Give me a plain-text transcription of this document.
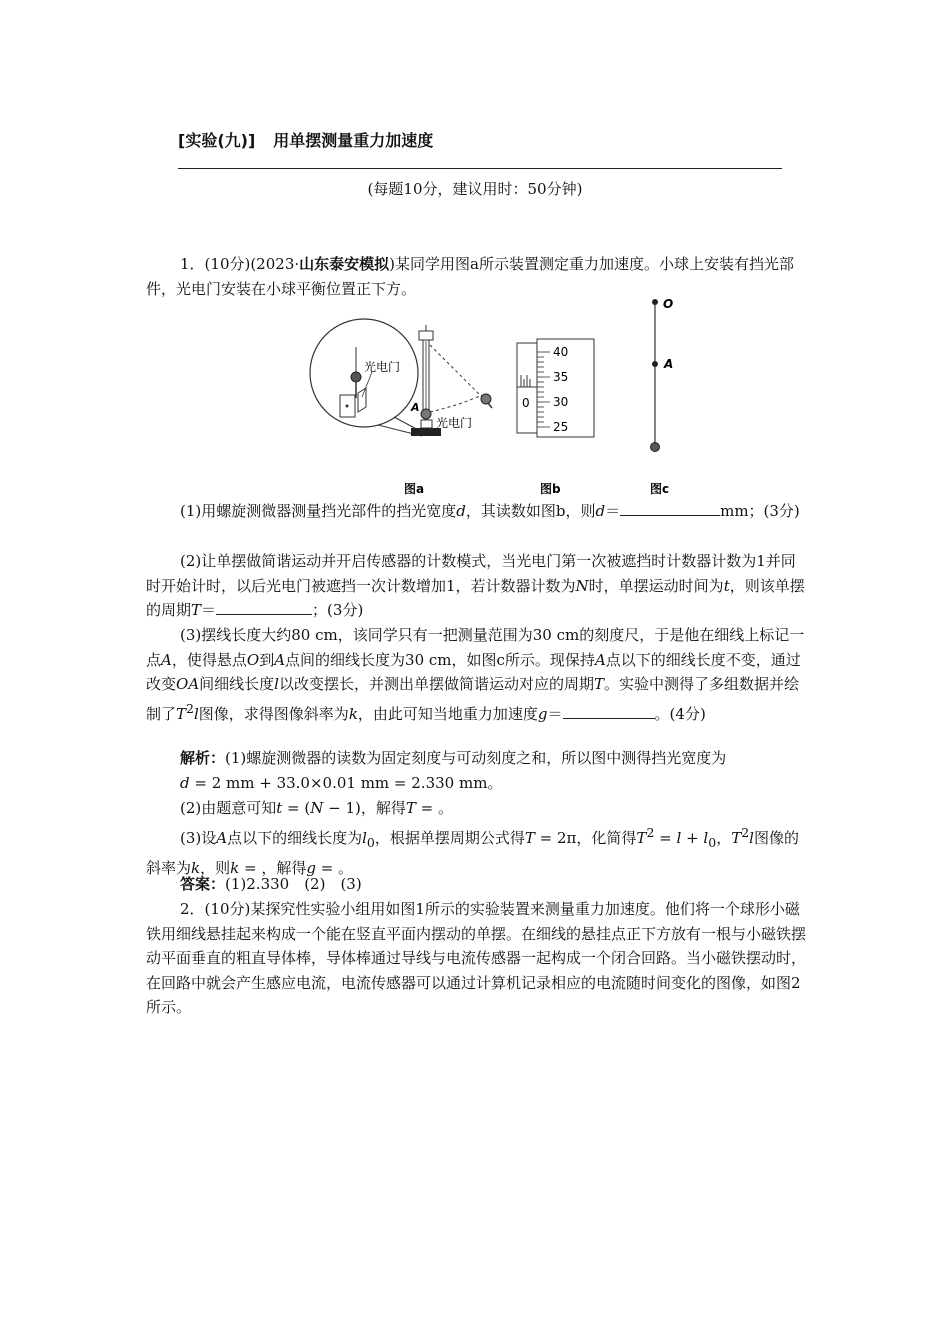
[实验(九)] 用单摆测量重力加速度
(每题10分，建议用时：50分钟)
1．(10分)(2023·山东泰安模拟)某同学用图a所示装置测定重力加速度。小球上安装有挡光部件，光电门安装在小球平衡位置正下方。
光电门
A
光电门
图a
0
40
35
30
25
图b
O
A
图c
(1)用螺旋测微器测量挡光部件的挡光宽度d，其读数如图b，则d＝	mm；(3分)
(2)让单摆做简谐运动并开启传感器的计数模式，当光电门第一次被遮挡时计数器计数为1并同时开始计时，以后光电门被遮挡一次计数增加1，若计数器计数为N时，单摆运动时间为t，则该单摆的周期T＝	；(3分)
(3)摆线长度大约80 cm，该同学只有一把测量范围为30 cm的刻度尺，于是他在细线上标记一点A，使得悬点O到A点间的细线长度为30 cm，如图c所示。现保持A点以下的细线长度不变，通过改变OA间细线长度l以改变摆长，并测出单摆做简谐运动对应的周期T。实验中测得了多组数据并绘制了$T^2l$图像，求得图像斜率为k，由此可知当地重力加速度g＝	。(4分)
解析：(1)螺旋测微器的读数为固定刻度与可动刻度之和，所以图中测得挡光宽度为
d = 2 mm + 33.0×0.01 mm = 2.330 mm。
(2)由题意可知t = (N − 1)，解得T = 。
(3)设A点以下的细线长度为$l_0$，根据单摆周期公式得T = 2π，化简得$T^2 = l + l_0$，$T^2l$图像的斜率为k，则k = ，解得g = 。
答案：(1)2.330　(2)　(3)
2．(10分)某探究性实验小组用如图1所示的实验装置来测量重力加速度。他们将一个球形小磁铁用细线悬挂起来构成一个能在竖直平面内摆动的单摆。在细线的悬挂点正下方放有一根与小磁铁摆动平面垂直的粗直导体棒，导体棒通过导线与电流传感器一起构成一个闭合回路。当小磁铁摆动时，在回路中就会产生感应电流，电流传感器可以通过计算机记录相应的电流随时间变化的图像，如图2所示。
